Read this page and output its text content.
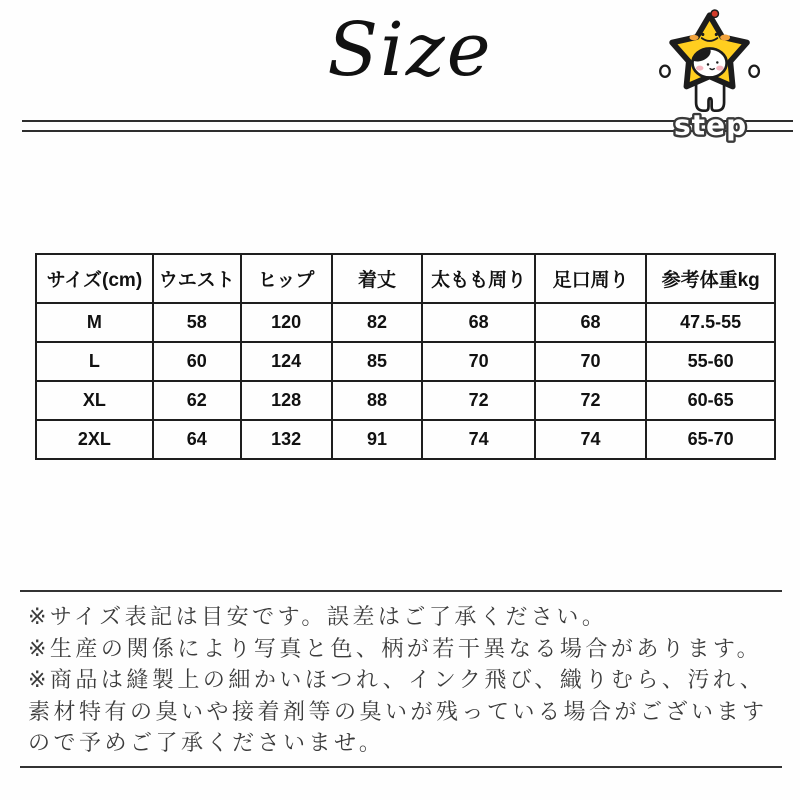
Size
step
サイズ(cm)	ウエスト	ヒップ	着丈	太もも周り	足口周り	参考体重kg
M	58	120	82	68	68	47.5-55
L	60	124	85	70	70	55-60
XL	62	128	88	72	72	60-65
2XL	64	132	91	74	74	65-70
※サイズ表記は目安です。誤差はご了承ください。
※生産の関係により写真と色、柄が若干異なる場合があります。
※商品は縫製上の細かいほつれ、インク飛び、織りむら、汚れ、
素材特有の臭いや接着剤等の臭いが残っている場合がございます
ので予めご了承くださいませ。
